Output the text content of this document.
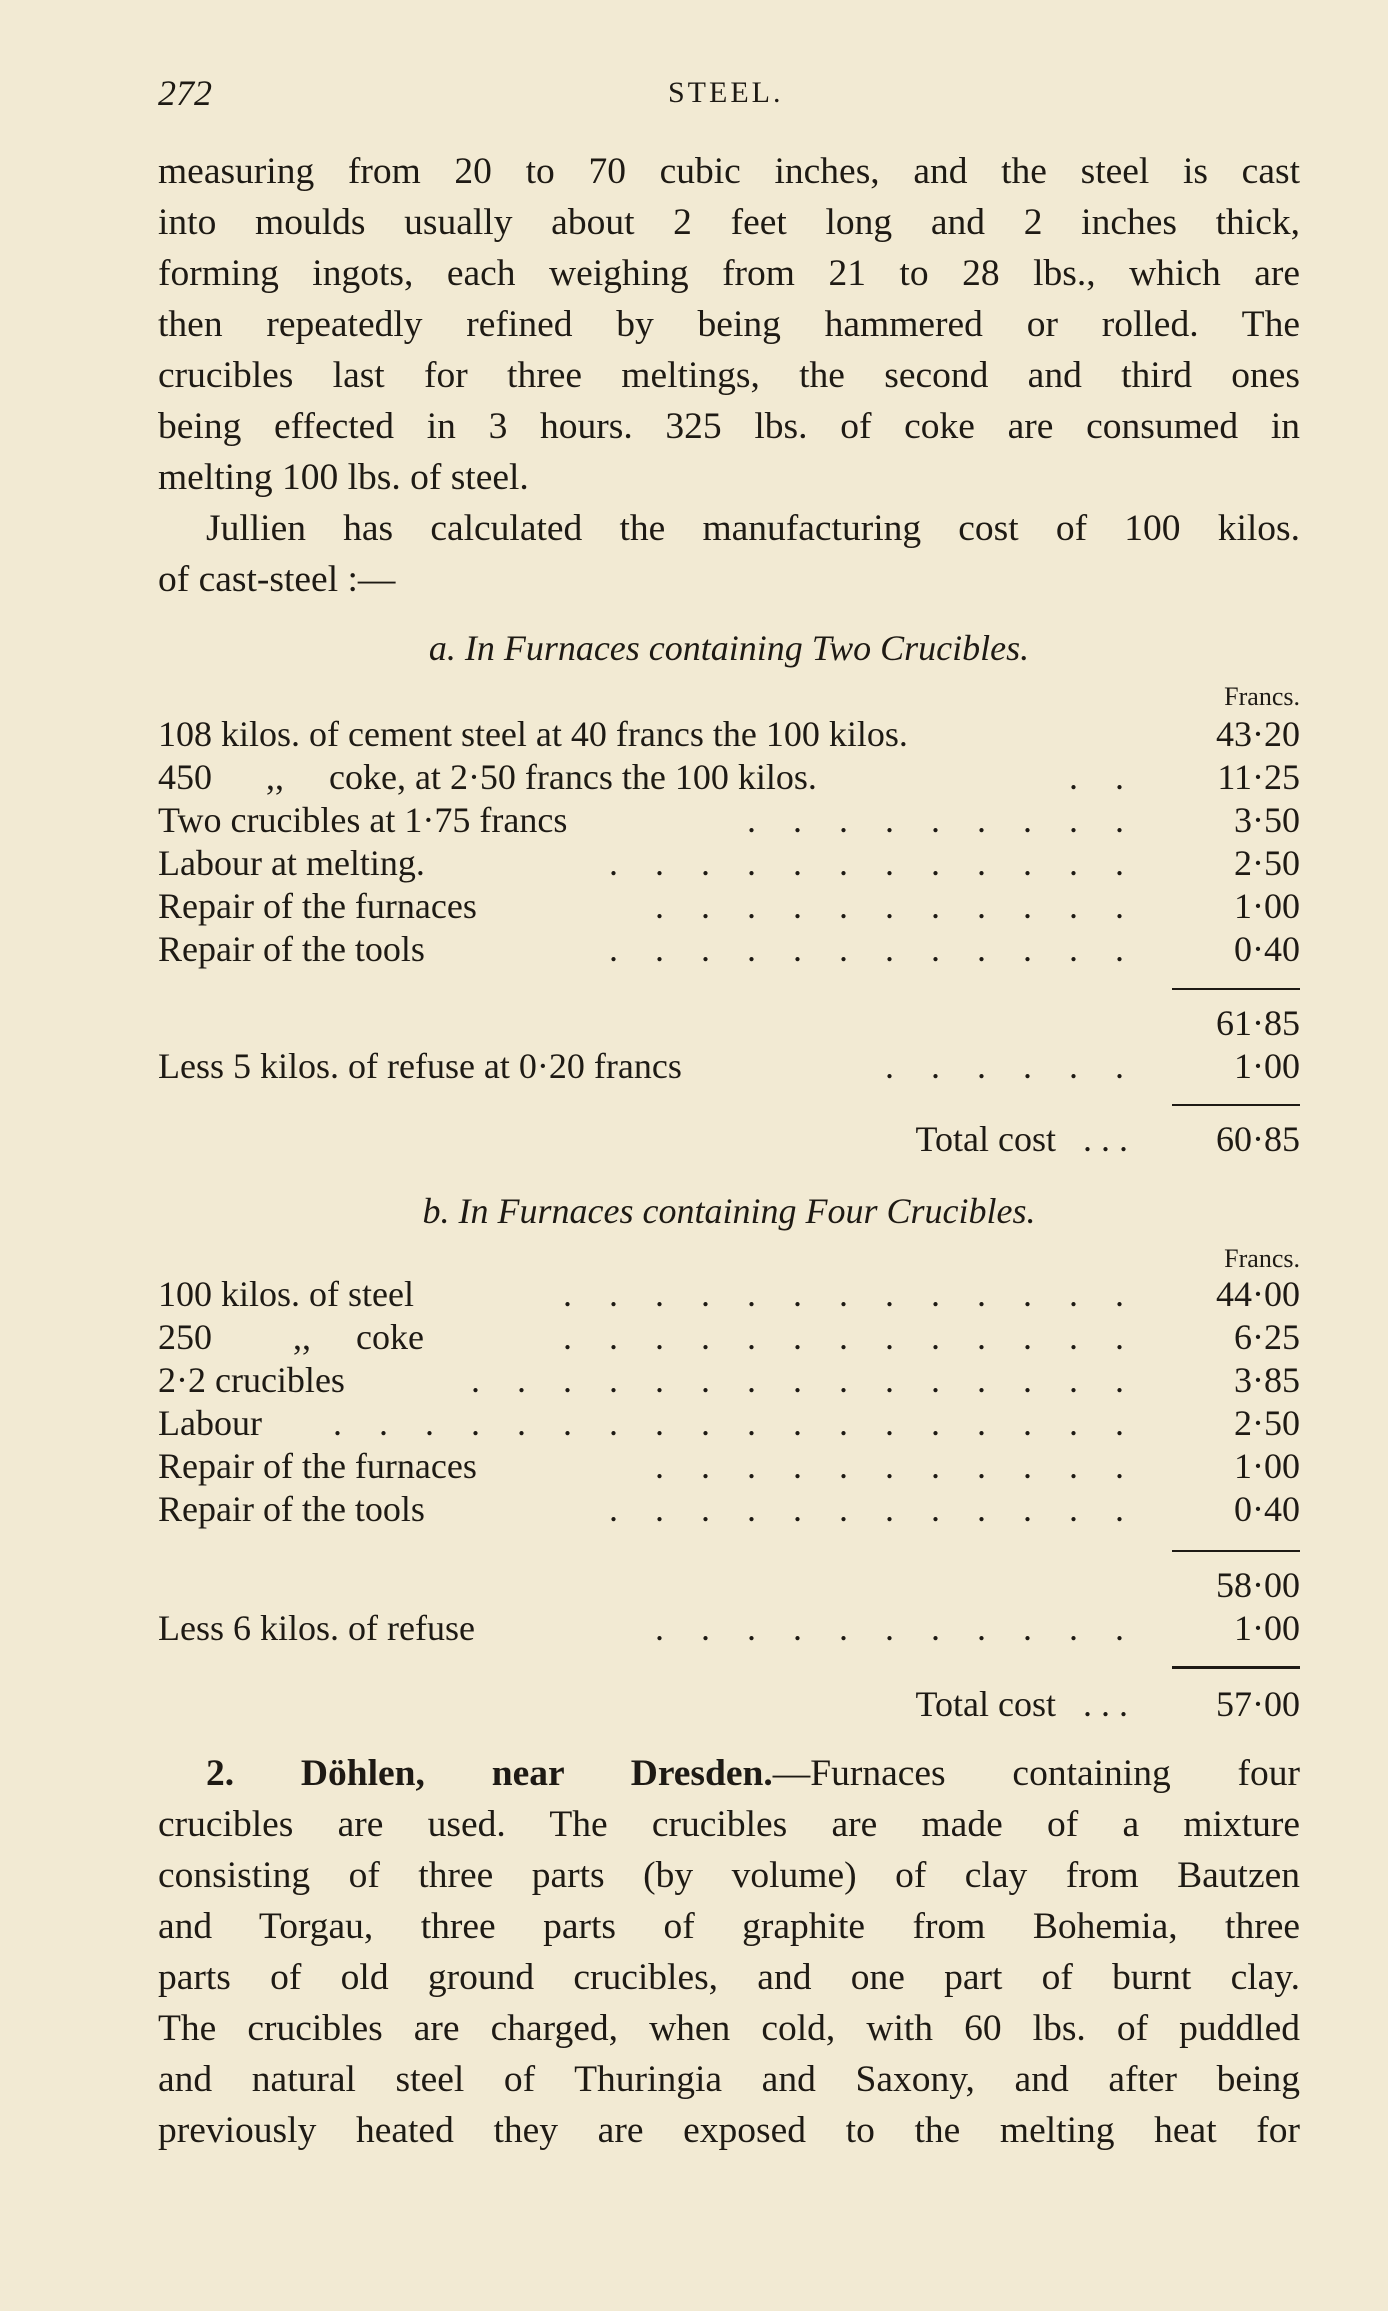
272	STEEL.
measuring from 20 to 70 cubic inches, and the steel is cast
into moulds usually about 2 feet long and 2 inches thick,
forming ingots, each weighing from 21 to 28 lbs., which are
then repeatedly refined by being hammered or rolled. The
crucibles last for three meltings, the second and third ones
being effected in 3 hours. 325 lbs. of coke are consumed in
melting 100 lbs. of steel.
Jullien has calculated the manufacturing cost of 100 kilos.
of cast-steel :—
a. In Furnaces containing Two Crucibles.
Francs.
108 kilos. of cement steel at 40 francs the 100 kilos.	43·20
450      ,,     coke, at 2·50 francs the 100 kilos.	. .	11·25
Two crucibles at 1·75 francs	. . . . . . . . .	3·50
Labour at melting.	. . . . . . . . . . . .	2·50
Repair of the furnaces	. . . . . . . . . . .	1·00
Repair of the tools	. . . . . . . . . . . .	0·40
61·85
Less 5 kilos. of refuse at 0·20 francs	. . . . . .	1·00
Total cost   . . .	60·85
b. In Furnaces containing Four Crucibles.
Francs.
100 kilos. of steel	. . . . . . . . . . . . .	44·00
250         ,,     coke	. . . . . . . . . . . . .	6·25
2·2 crucibles	. . . . . . . . . . . . . . .	3·85
Labour . . . . . . . . . . . . . . . . . .	2·50
Repair of the furnaces	. . . . . . . . . . .	1·00
Repair of the tools	. . . . . . . . . . . .	0·40
58·00
Less 6 kilos. of refuse	. . . . . . . . . . .	1·00
Total cost   . . .	57·00
2. Döhlen, near Dresden.—Furnaces containing four
crucibles are used. The crucibles are made of a mixture
consisting of three parts (by volume) of clay from Bautzen
and Torgau, three parts of graphite from Bohemia, three
parts of old ground crucibles, and one part of burnt clay.
The crucibles are charged, when cold, with 60 lbs. of puddled
and natural steel of Thuringia and Saxony, and after being
previously heated they are exposed to the melting heat for
